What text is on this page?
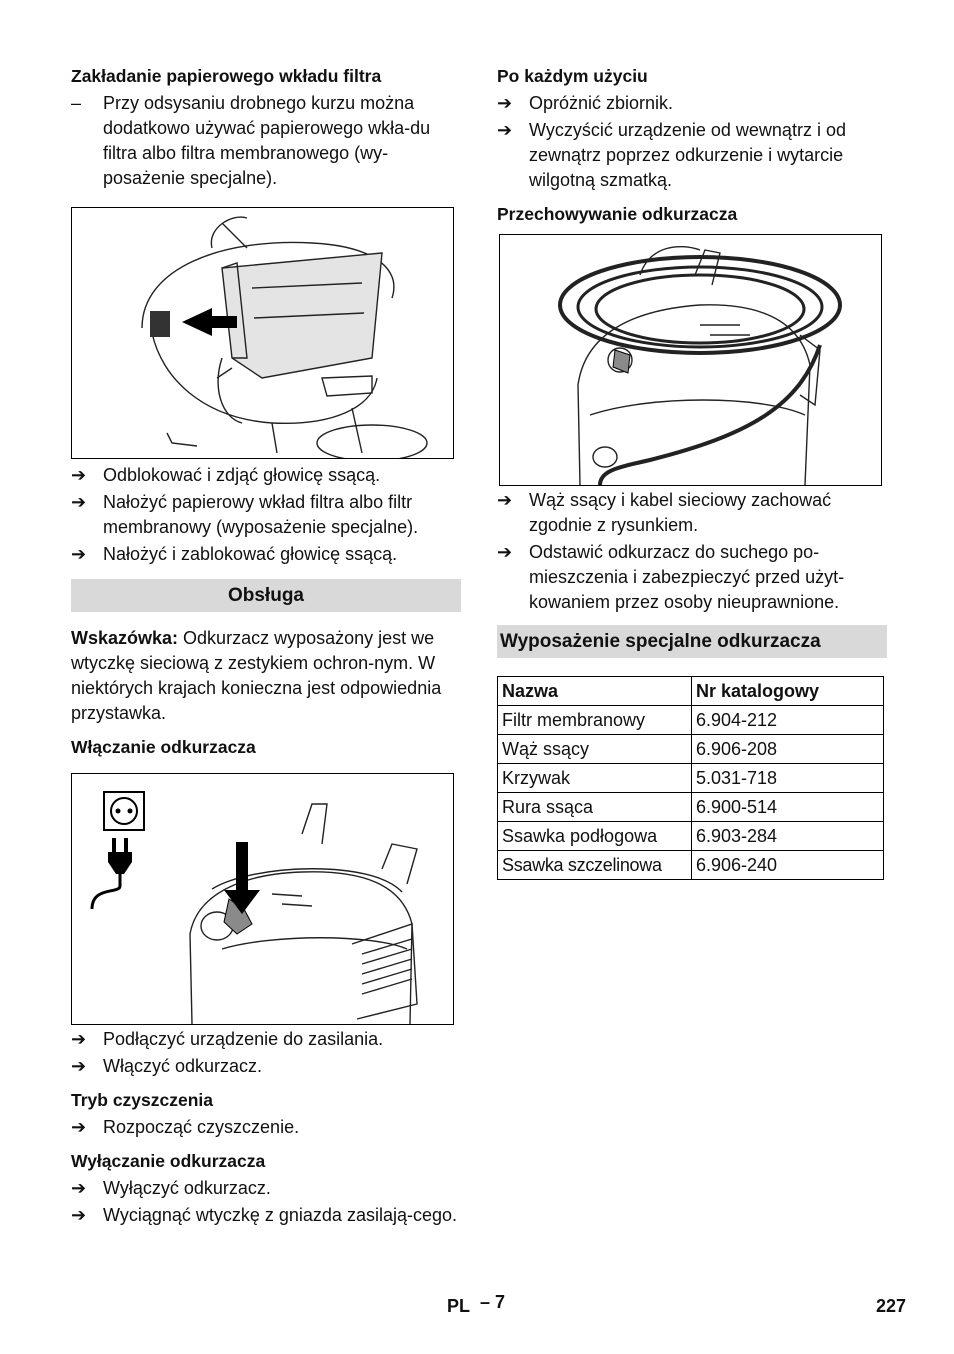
Zakładanie papierowego wkładu filtra
–	Przy odsysaniu drobnego kurzu można dodatkowo używać papierowego wkła-du filtra albo filtra membranowego (wy-posażenie specjalne).
➔ Odblokować i zdjąć głowicę ssącą.
➔ Nałożyć papierowy wkład filtra albo filtr membranowy (wyposażenie specjalne).
➔ Nałożyć i zablokować głowicę ssącą.
Obsługa
Wskazówka: Odkurzacz wyposażony jest we wtyczkę sieciową z zestykiem ochron-nym. W niektórych krajach konieczna jest odpowiednia przystawka.
Włączanie odkurzacza
➔ Podłączyć urządzenie do zasilania.
➔ Włączyć odkurzacz.
Tryb czyszczenia
➔ Rozpocząć czyszczenie.
Wyłączanie odkurzacza
➔ Wyłączyć odkurzacz.
➔ Wyciągnąć wtyczkę z gniazda zasilają-cego.
Po każdym użyciu
➔ Opróżnić zbiornik.
➔ Wyczyścić urządzenie od wewnątrz i od zewnątrz poprzez odkurzenie i wytarcie wilgotną szmatką.
Przechowywanie odkurzacza
➔ Wąż ssący i kabel sieciowy zachować zgodnie z rysunkiem.
➔ Odstawić odkurzacz do suchego po-mieszczenia i zabezpieczyć przed użyt-kowaniem przez osoby nieuprawnione.
Wyposażenie specjalne odkurzacza
Nazwa	Nr katalogowy
Filtr membranowy	6.904-212
Wąż ssący	6.906-208
Krzywak	5.031-718
Rura ssąca	6.900-514
Ssawka podłogowa	6.903-284
Ssawka szczelinowa	6.906-240
PL – 7	227
